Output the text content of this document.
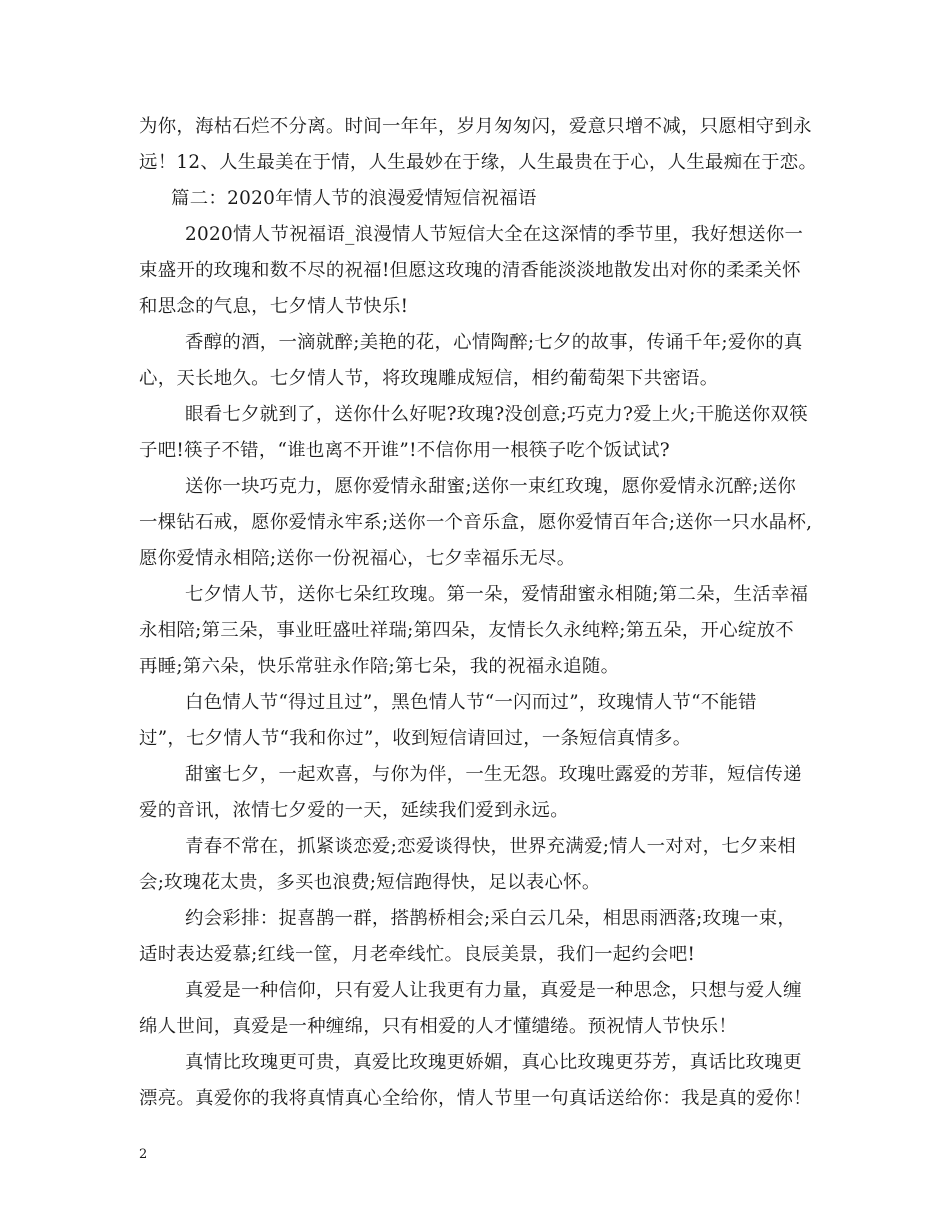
为你，海枯石烂不分离。时间一年年，岁月匆匆闪，爱意只增不减，只愿相守到永
远！12、人生最美在于情，人生最妙在于缘，人生最贵在于心，人生最痴在于恋。
篇二：2020年情人节的浪漫爱情短信祝福语
2020情人节祝福语_浪漫情人节短信大全在这深情的季节里，我好想送你一
束盛开的玫瑰和数不尽的祝福!但愿这玫瑰的清香能淡淡地散发出对你的柔柔关怀
和思念的气息，七夕情人节快乐!
香醇的酒，一滴就醉;美艳的花，心情陶醉;七夕的故事，传诵千年;爱你的真
心，天长地久。七夕情人节，将玫瑰雕成短信，相约葡萄架下共密语。
眼看七夕就到了，送你什么好呢?玫瑰?没创意;巧克力?爱上火;干脆送你双筷
子吧!筷子不错，“谁也离不开谁”!不信你用一根筷子吃个饭试试?
送你一块巧克力，愿你爱情永甜蜜;送你一束红玫瑰，愿你爱情永沉醉;送你
一棵钻石戒，愿你爱情永牢系;送你一个音乐盒，愿你爱情百年合;送你一只水晶杯,
愿你爱情永相陪;送你一份祝福心，七夕幸福乐无尽。
七夕情人节，送你七朵红玫瑰。第一朵，爱情甜蜜永相随;第二朵，生活幸福
永相陪;第三朵，事业旺盛吐祥瑞;第四朵，友情长久永纯粹;第五朵，开心绽放不
再睡;第六朵，快乐常驻永作陪;第七朵，我的祝福永追随。
白色情人节“得过且过”，黑色情人节“一闪而过”，玫瑰情人节“不能错
过”，七夕情人节“我和你过”，收到短信请回过，一条短信真情多。
甜蜜七夕，一起欢喜，与你为伴，一生无怨。玫瑰吐露爱的芳菲，短信传递
爱的音讯，浓情七夕爱的一天，延续我们爱到永远。
青春不常在，抓紧谈恋爱;恋爱谈得快，世界充满爱;情人一对对，七夕来相
会;玫瑰花太贵，多买也浪费;短信跑得快，足以表心怀。
约会彩排：捉喜鹊一群，搭鹊桥相会;采白云几朵，相思雨洒落;玫瑰一束，
适时表达爱慕;红线一筐，月老牵线忙。良辰美景，我们一起约会吧!
真爱是一种信仰，只有爱人让我更有力量，真爱是一种思念，只想与爱人缠
绵人世间，真爱是一种缠绵，只有相爱的人才懂缱绻。预祝情人节快乐！
真情比玫瑰更可贵，真爱比玫瑰更娇媚，真心比玫瑰更芬芳，真话比玫瑰更
漂亮。真爱你的我将真情真心全给你，情人节里一句真话送给你：我是真的爱你！
2
